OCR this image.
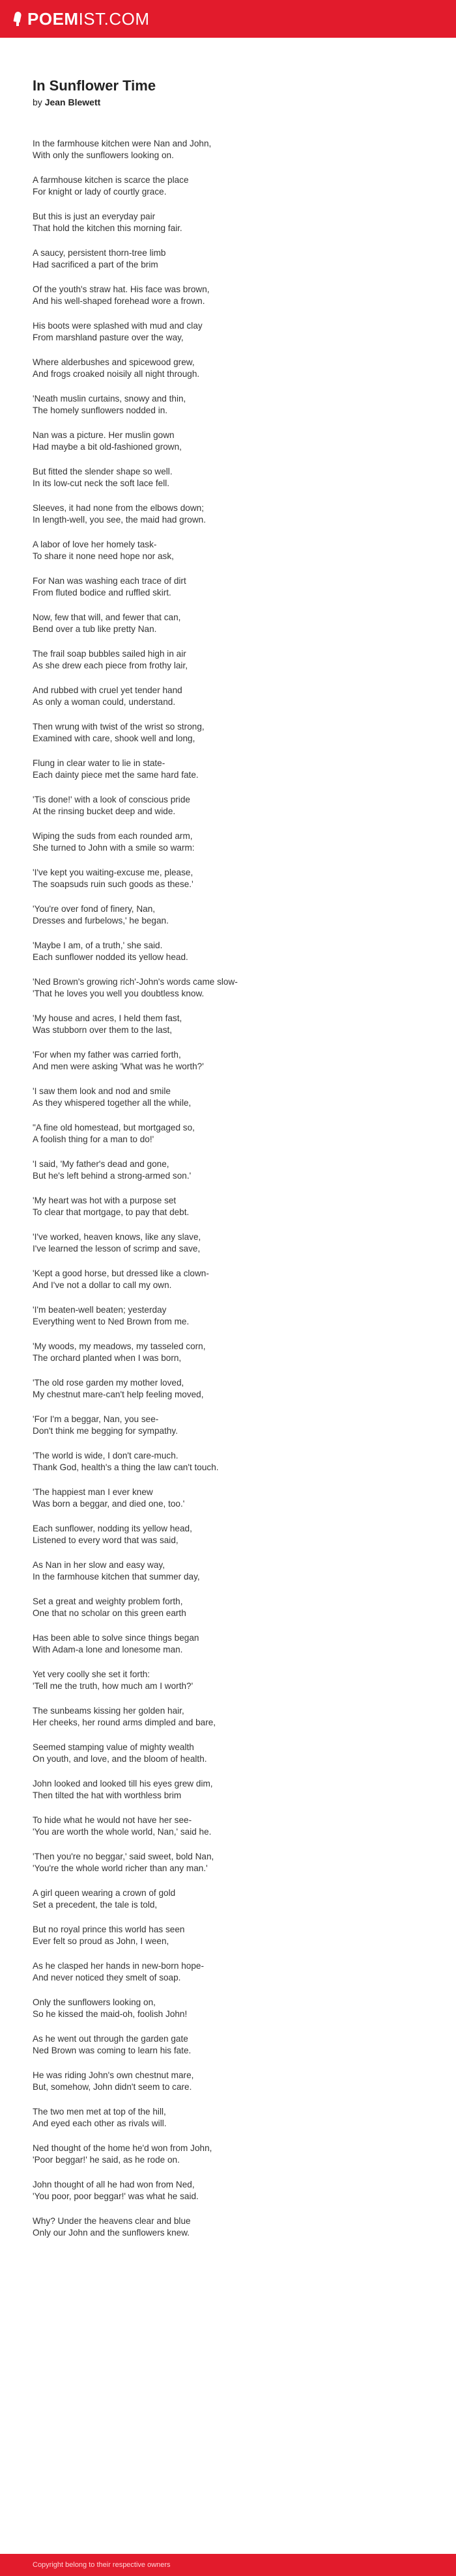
POEM IST.COM
In Sunflower Time
by Jean Blewett

In the farmhouse kitchen were Nan and John,
With only the sunflowers looking on.

A farmhouse kitchen is scarce the place
For knight or lady of courtly grace.

But this is just an everyday pair
That hold the kitchen this morning fair.

A saucy, persistent thorn-tree limb
Had sacrificed a part of the brim

Of the youth's straw hat. His face was brown,
And his well-shaped forehead wore a frown.

His boots were splashed with mud and clay
From marshland pasture over the way,

Where alderbushes and spicewood grew,
And frogs croaked noisily all night through.

'Neath muslin curtains, snowy and thin,
The homely sunflowers nodded in.

Nan was a picture. Her muslin gown
Had maybe a bit old-fashioned grown,

But fitted the slender shape so well.
In its low-cut neck the soft lace fell.

Sleeves, it had none from the elbows down;
In length-well, you see, the maid had grown.

A labor of love her homely task-
To share it none need hope nor ask,

For Nan was washing each trace of dirt
From fluted bodice and ruffled skirt.

Now, few that will, and fewer that can,
Bend over a tub like pretty Nan.

The frail soap bubbles sailed high in air
As she drew each piece from frothy lair,

And rubbed with cruel yet tender hand
As only a woman could, understand.

Then wrung with twist of the wrist so strong,
Examined with care, shook well and long,

Flung in clear water to lie in state-
Each dainty piece met the same hard fate.

'Tis done!' with a look of conscious pride
At the rinsing bucket deep and wide.

Wiping the suds from each rounded arm,
She turned to John with a smile so warm:

'I've kept you waiting-excuse me, please,
The soapsuds ruin such goods as these.'

'You're over fond of finery, Nan,
Dresses and furbelows,' he began.

'Maybe I am, of a truth,' she said.
Each sunflower nodded its yellow head.

'Ned Brown's growing rich'-John's words came slow-
'That he loves you well you doubtless know.

'My house and acres, I held them fast,
Was stubborn over them to the last,

'For when my father was carried forth,
And men were asking 'What was he worth?'

'I saw them look and nod and smile
As they whispered together all the while,

"A fine old homestead, but mortgaged so,
A foolish thing for a man to do!'

'I said, 'My father's dead and gone,
But he's left behind a strong-armed son.'

'My heart was hot with a purpose set
To clear that mortgage, to pay that debt.

'I've worked, heaven knows, like any slave,
I've learned the lesson of scrimp and save,

'Kept a good horse, but dressed like a clown-
And I've not a dollar to call my own.

'I'm beaten-well beaten; yesterday
Everything went to Ned Brown from me.

'My woods, my meadows, my tasseled corn,
The orchard planted when I was born,

'The old rose garden my mother loved,
My chestnut mare-can't help feeling moved,

'For I'm a beggar, Nan, you see-
Don't think me begging for sympathy.

'The world is wide, I don't care-much.
Thank God, health's a thing the law can't touch.

'The happiest man I ever knew
Was born a beggar, and died one, too.'

Each sunflower, nodding its yellow head,
Listened to every word that was said,

As Nan in her slow and easy way,
In the farmhouse kitchen that summer day,

Set a great and weighty problem forth,
One that no scholar on this green earth

Has been able to solve since things began
With Adam-a lone and lonesome man.

Yet very coolly she set it forth:
'Tell me the truth, how much am I worth?'

The sunbeams kissing her golden hair,
Her cheeks, her round arms dimpled and bare,

Seemed stamping value of mighty wealth
On youth, and love, and the bloom of health.

John looked and looked till his eyes grew dim,
Then tilted the hat with worthless brim

To hide what he would not have her see-
'You are worth the whole world, Nan,' said he.

'Then you're no beggar,' said sweet, bold Nan,
'You're the whole world richer than any man.'

A girl queen wearing a crown of gold
Set a precedent, the tale is told,

But no royal prince this world has seen
Ever felt so proud as John, I ween,

As he clasped her hands in new-born hope-
And never noticed they smelt of soap.

Only the sunflowers looking on,
So he kissed the maid-oh, foolish John!

As he went out through the garden gate
Ned Brown was coming to learn his fate.

He was riding John's own chestnut mare,
But, somehow, John didn't seem to care.

The two men met at top of the hill,
And eyed each other as rivals will.

Ned thought of the home he'd won from John,
'Poor beggar!' he said, as he rode on.

John thought of all he had won from Ned,
'You poor, poor beggar!' was what he said.

Why? Under the heavens clear and blue
Only our John and the sunflowers knew.

Copyright belong to their respective owners
